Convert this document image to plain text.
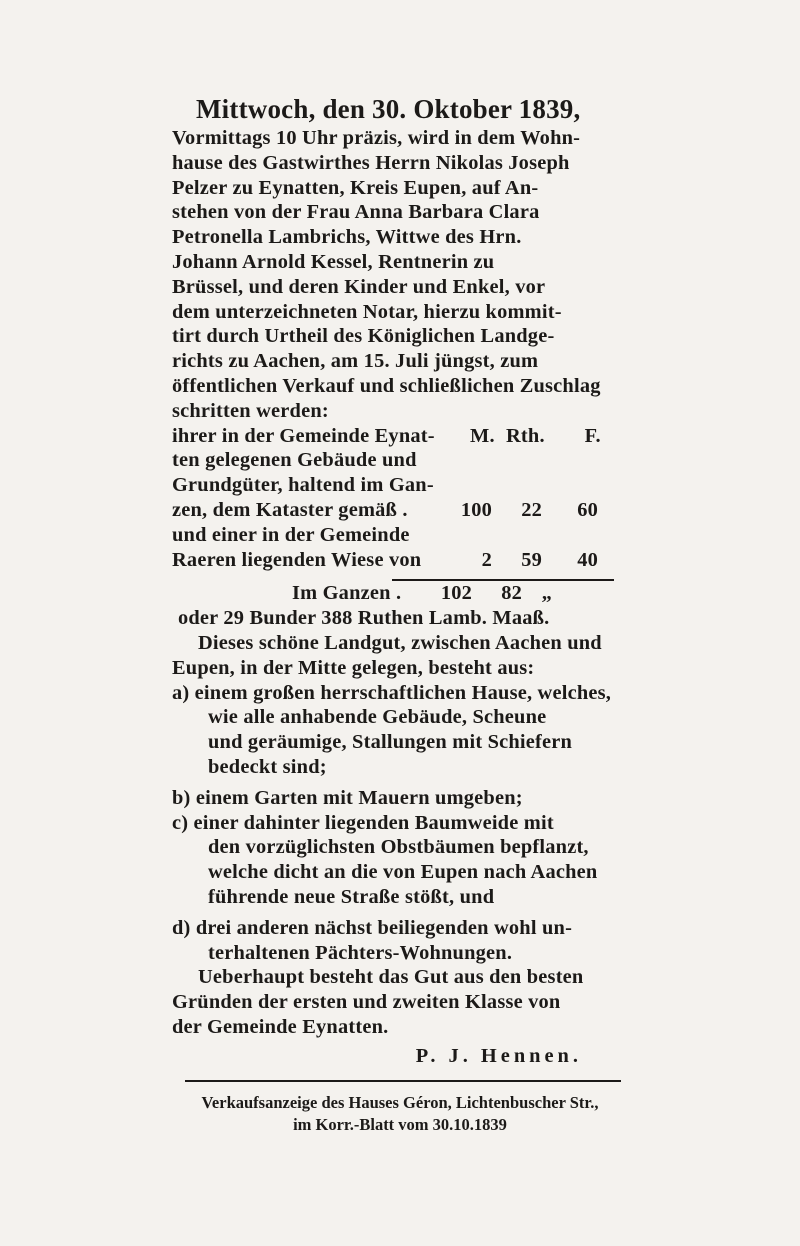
Mittwoch, den 30. Oktober 1839,
Vormittags 10 Uhr präzis, wird in dem Wohn-
hause des Gastwirthes Herrn Nikolas Joseph
Pelzer zu Eynatten, Kreis Eupen, auf An-
stehen von der Frau Anna Barbara Clara
Petronella Lambrichs, Wittwe des Hrn.
Johann Arnold Kessel, Rentnerin zu
Brüssel, und deren Kinder und Enkel, vor
dem unterzeichneten Notar, hierzu kommit-
tirt durch Urtheil des Königlichen Landge-
richts zu Aachen, am 15. Juli jüngst, zum
öffentlichen Verkauf und schließlichen Zuschlag
schritten werden:
ihrer in der Gemeinde Eynat-	M. Rth.	F.
ten gelegenen Gebäude und
Grundgüter, haltend im Gan-
zen, dem Kataster gemäß .	100	22	60
und einer in der Gemeinde
Raeren liegenden Wiese von	2	59	40
Im Ganzen .	102	82 „
oder 29 Bunder 388 Ruthen Lamb. Maaß.
Dieses schöne Landgut, zwischen Aachen und
Eupen, in der Mitte gelegen, besteht aus:
a) einem großen herrschaftlichen Hause, welches,
wie alle anhabende Gebäude, Scheune
und geräumige, Stallungen mit Schiefern
bedeckt sind;
b) einem Garten mit Mauern umgeben;
c) einer dahinter liegenden Baumweide mit
den vorzüglichsten Obstbäumen bepflanzt,
welche dicht an die von Eupen nach Aachen
führende neue Straße stößt, und
d) drei anderen nächst beiliegenden wohl un-
terhaltenen Pächters-Wohnungen.
Ueberhaupt besteht das Gut aus den besten
Gründen der ersten und zweiten Klasse von
der Gemeinde Eynatten.
P. J. Hennen.
Verkaufsanzeige des Hauses Géron, Lichtenbuscher Str.,
im Korr.-Blatt vom 30.10.1839
